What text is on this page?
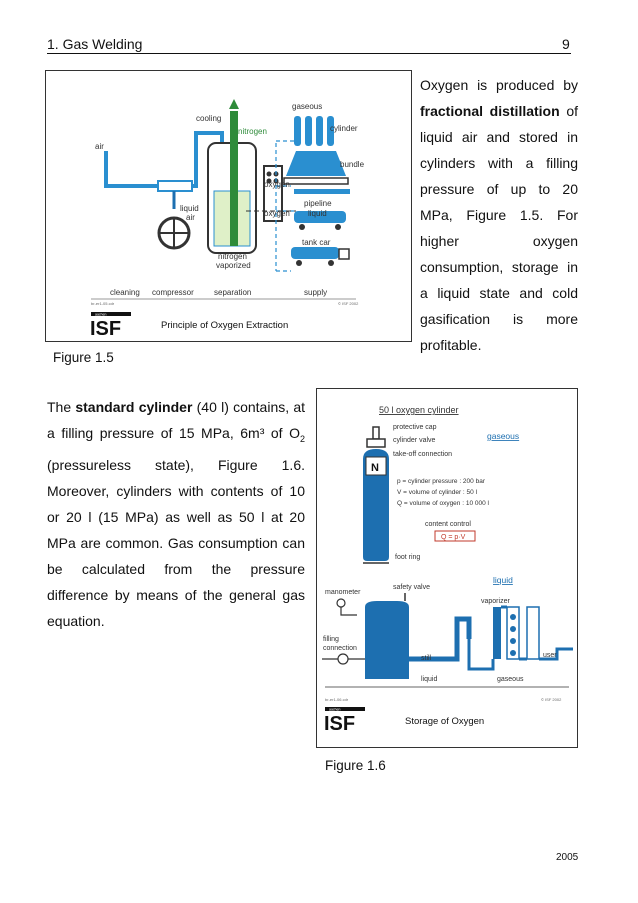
1. Gas Welding	9
Oxygen is produced by fractional distillation of liquid air and stored in cylinders with a filling pressure of up to 20 MPa, Figure 1.5. For higher oxygen consumption, storage in a liquid state and cold gasification is more profitable.
air
cooling
nitrogen
gaseous
cylinder
bundle
oxygen
pipeline
liquid
liquid
air	oxygen
tank car
nitrogen
vaporized
cleaning compressor	separation	supply
br-er1-05.cdr	© ISF 2002
aachen
ISF	Principle of Oxygen Extraction
Figure 1.5
The standard cylinder (40 l) contains, at a filling pressure of 15 MPa, 6m³ of $O_2$ (pressureless state), Figure 1.6. Moreover, cylinders with contents of 10 or 20 l (15 MPa) as well as 50 l at 20 MPa are common. Gas consumption can be calculated from the pressure difference by means of the general gas equation.
50 l oxygen cylinder
protective cap
cylinder valve	gaseous
take-off connection
N
p = cylinder pressure : 200 bar
V = volume of cylinder : 50 l
Q = volume of oxygen : 10 000 l
content control
Q = p·V
foot ring
liquid
manometer
safety valve
vaporizer
filling
connection
still	user
liquid	gaseous
br-er1-06.cdr	© ISF 2002
aachen
ISF	Storage of Oxygen
Figure 1.6
2005
